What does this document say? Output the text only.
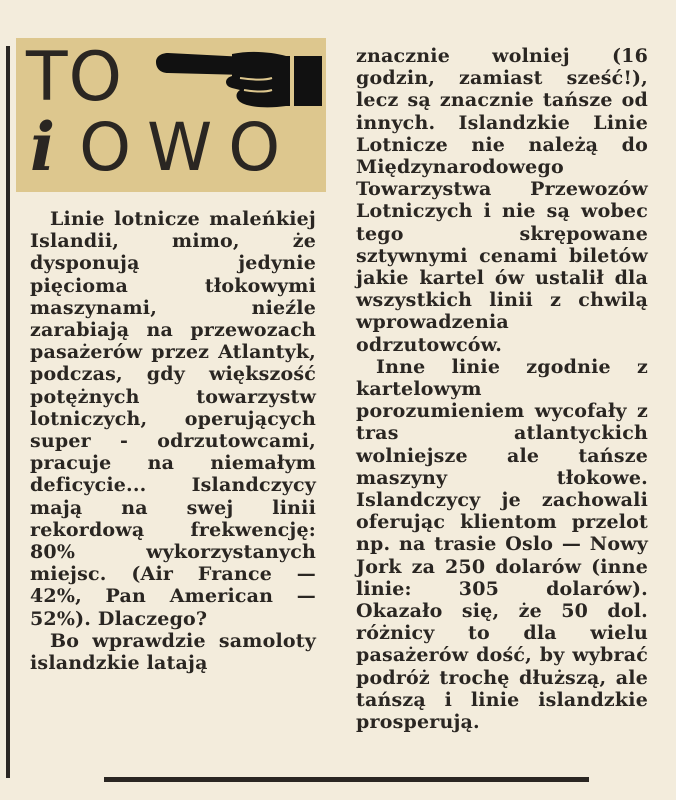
TO
iOWO

Linie lotnicze maleńkiej Islandii, mimo, że dysponują jedynie pięcioma tłokowymi maszynami, nieźle zarabiają na przewozach pasażerów przez Atlantyk, podczas, gdy większość potężnych towarzystw lotniczych, operujących super - odrzutowcami, pracuje na niemałym deficycie... Islandczycy mają na swej linii rekordową frekwencję: 80% wykorzystanych miejsc. (Air France — 42%, Pan American — 52%). Dlaczego?

Bo wprawdzie samoloty islandzkie latają

znacznie wolniej (16 godzin, zamiast sześć!), lecz są znacznie tańsze od innych. Islandzkie Linie Lotnicze nie należą do Międzynarodowego Towarzystwa Przewozów Lotniczych i nie są wobec tego skrępowane sztywnymi cenami biletów jakie kartel ów ustalił dla wszystkich linii z chwilą wprowadzenia odrzutowców.

Inne linie zgodnie z kartelowym porozumieniem wycofały z tras atlantyckich wolniejsze ale tańsze maszyny tłokowe. Islandczycy je zachowali oferując klientom przelot np. na trasie Oslo — Nowy Jork za 250 dolarów (inne linie: 305 dolarów). Okazało się, że 50 dol. różnicy to dla wielu pasażerów dość, by wybrać podróż trochę dłuższą, ale tańszą i linie islandzkie prosperują.
